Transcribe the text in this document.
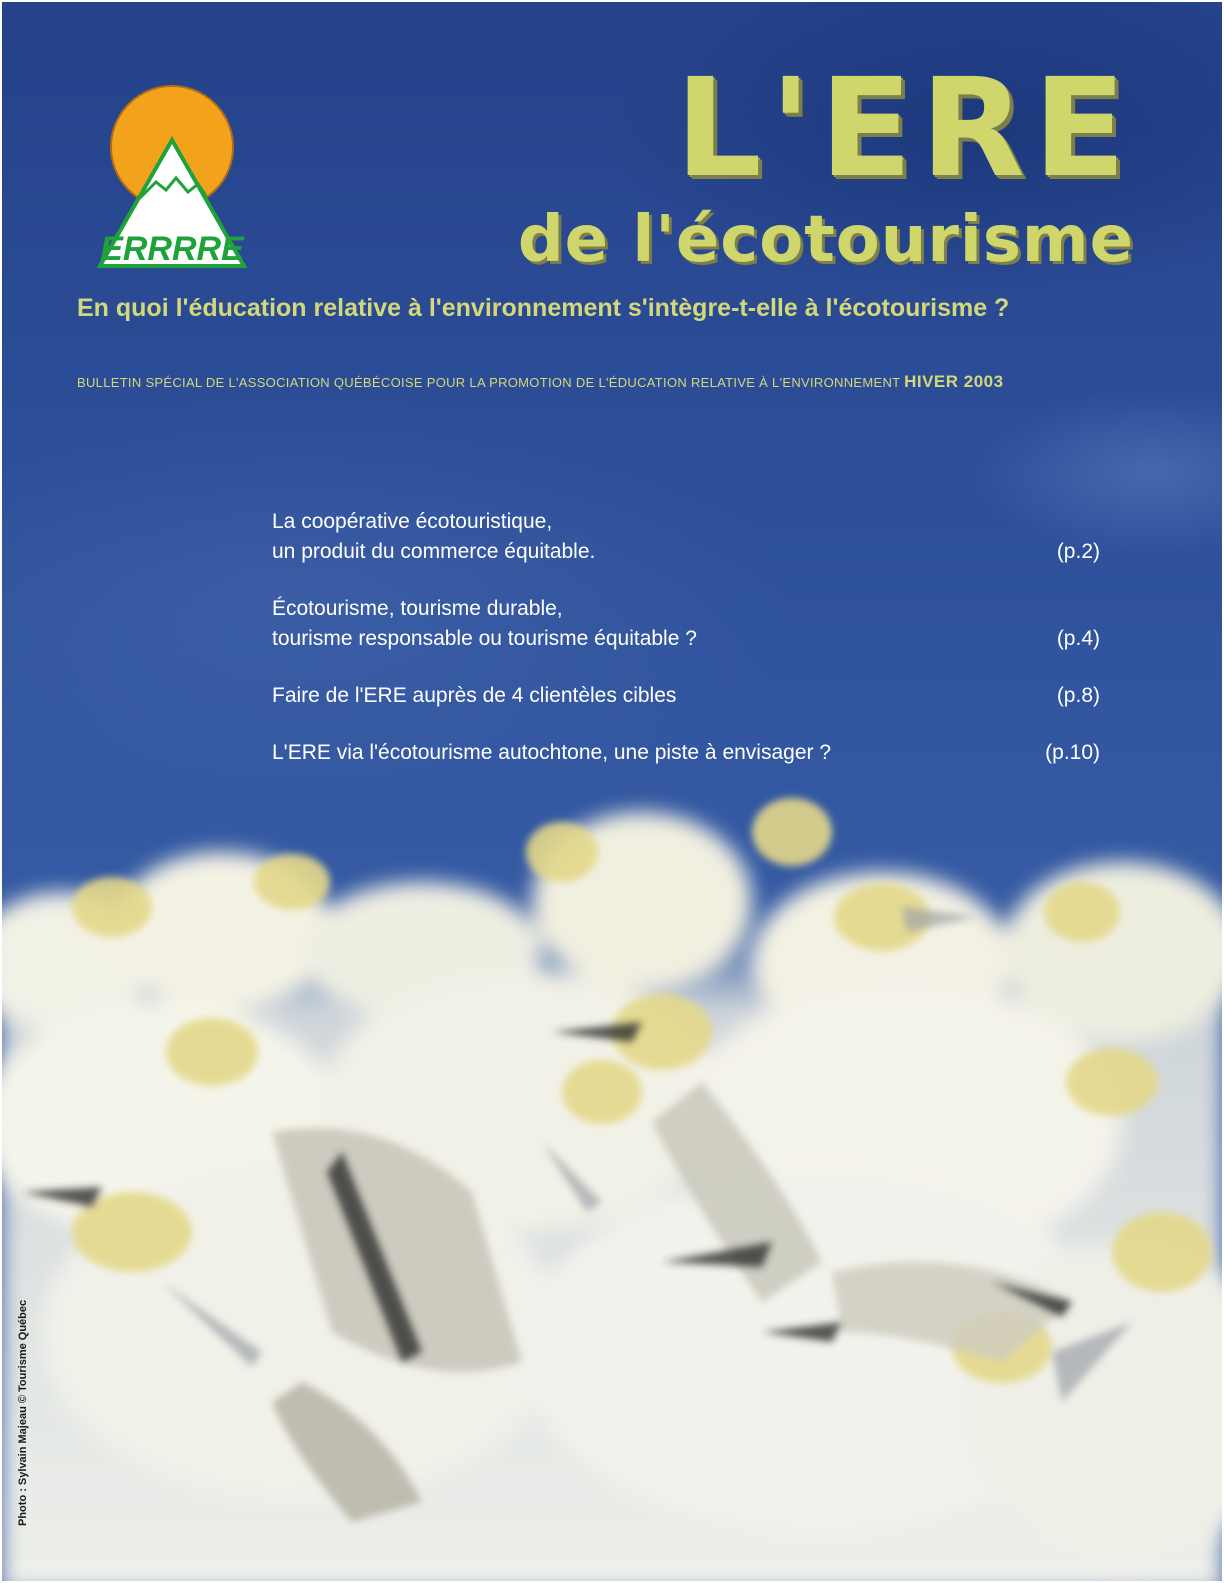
ERRRRE
L'ERE
de l'écotourisme
En quoi l'éducation relative à l'environnement s'intègre-t-elle à l'écotourisme ?
BULLETIN SPÉCIAL DE L'ASSOCIATION QUÉBÉCOISE POUR LA PROMOTION DE L'ÉDUCATION RELATIVE À L'ENVIRONNEMENT HIVER 2003
La coopérative écotouristique,
un produit du commerce équitable.	(p.2)
Écotourisme, tourisme durable,
tourisme responsable ou tourisme équitable ?	(p.4)
Faire de l'ERE auprès de 4 clientèles cibles	(p.8)
L'ERE via l'écotourisme autochtone, une piste à envisager ?	(p.10)
Photo : Sylvain Majeau © Tourisme Québec
